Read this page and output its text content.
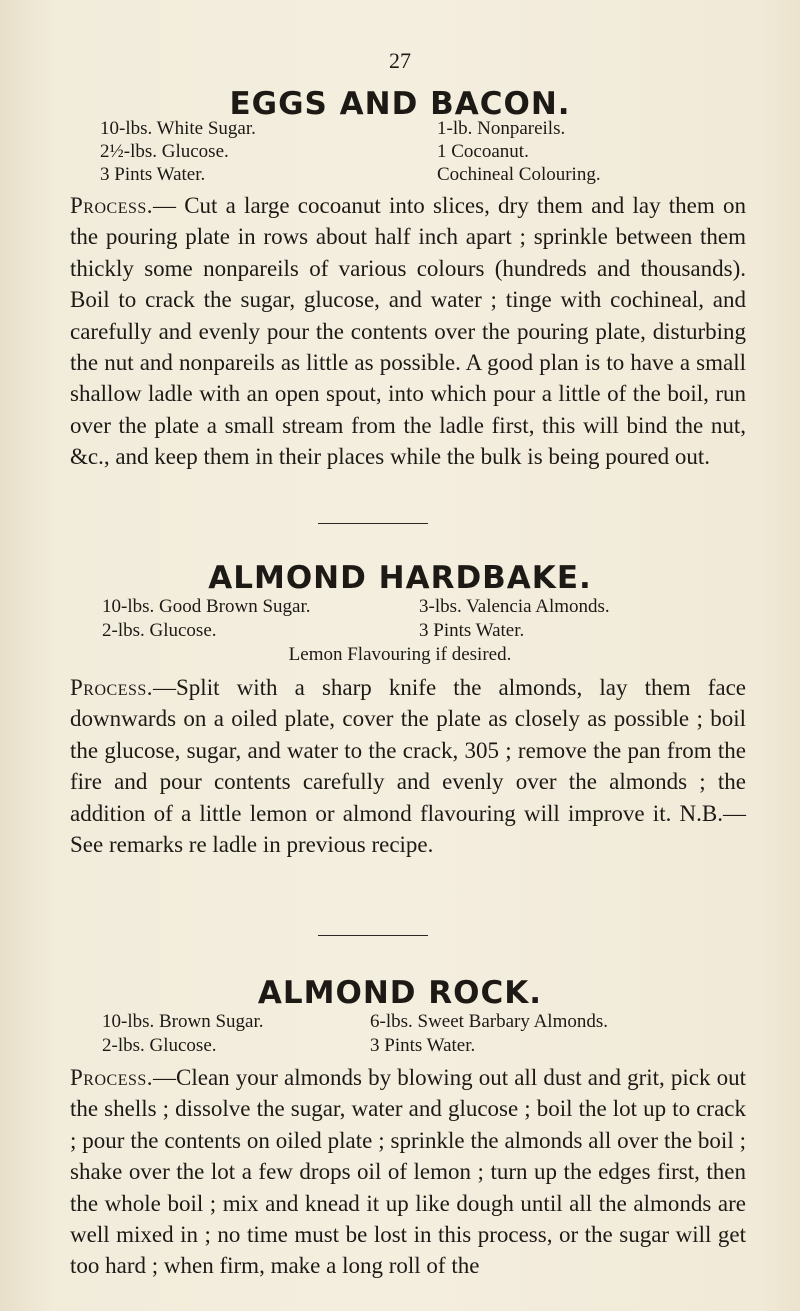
27
EGGS AND BACON.
10-lbs. White Sugar.	1-lb. Nonpareils.
2½-lbs. Glucose.	1 Cocoanut.
3 Pints Water.	Cochineal Colouring.

Process.— Cut a large cocoanut into slices, dry them and lay them on the pouring plate in rows about half inch apart ; sprinkle between them thickly some nonpareils of various colours (hundreds and thousands). Boil to crack the sugar, glucose, and water ; tinge with cochineal, and carefully and evenly pour the contents over the pouring plate, disturbing the nut and nonpareils as little as possible. A good plan is to have a small shallow ladle with an open spout, into which pour a little of the boil, run over the plate a small stream from the ladle first, this will bind the nut, &c., and keep them in their places while the bulk is being poured out.

ALMOND HARDBAKE.
10-lbs. Good Brown Sugar.	3-lbs. Valencia Almonds.
2-lbs. Glucose.	3 Pints Water.
Lemon Flavouring if desired.

Process.—Split with a sharp knife the almonds, lay them face downwards on a oiled plate, cover the plate as closely as possible ; boil the glucose, sugar, and water to the crack, 305 ; remove the pan from the fire and pour contents carefully and evenly over the almonds ; the addition of a little lemon or almond flavouring will improve it. N.B.—See remarks re ladle in previous recipe.

ALMOND ROCK.
10-lbs. Brown Sugar.	6-lbs. Sweet Barbary Almonds.
2-lbs. Glucose.	3 Pints Water.

Process.—Clean your almonds by blowing out all dust and grit, pick out the shells ; dissolve the sugar, water and glucose ; boil the lot up to crack ; pour the contents on oiled plate ; sprinkle the almonds all over the boil ; shake over the lot a few drops oil of lemon ; turn up the edges first, then the whole boil ; mix and knead it up like dough until all the almonds are well mixed in ; no time must be lost in this process, or the sugar will get too hard ; when firm, make a long roll of the
